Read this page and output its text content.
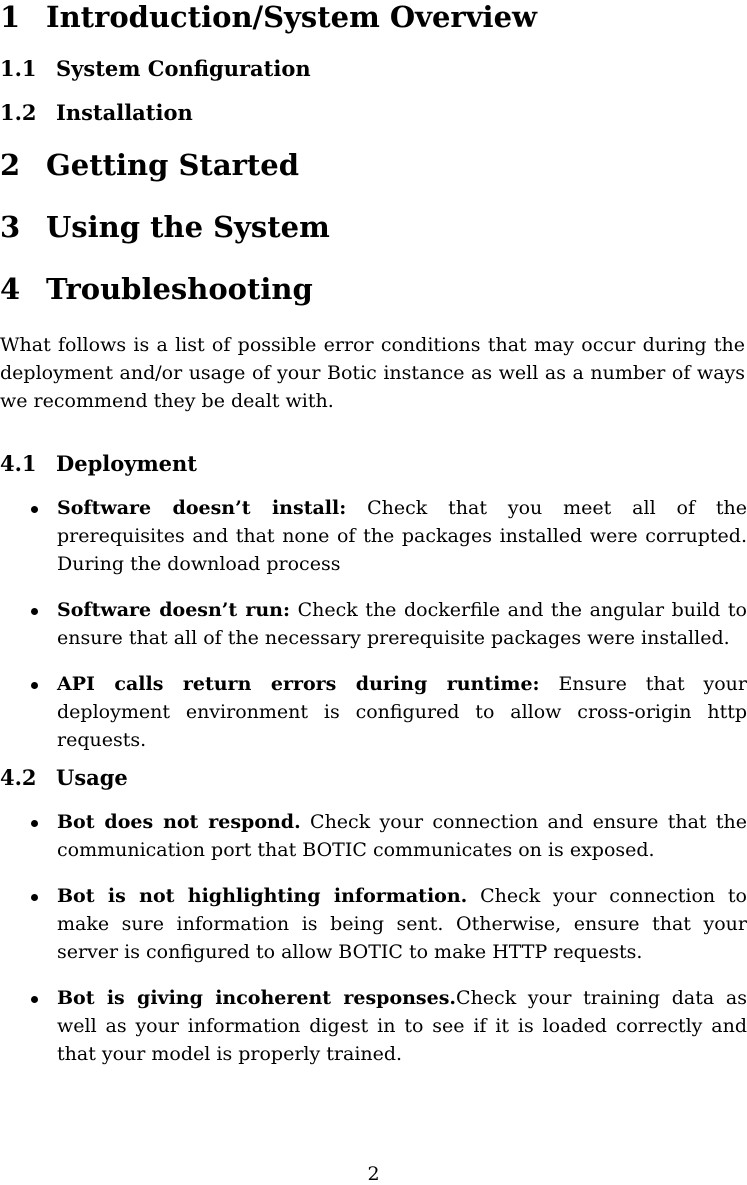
1 Introduction/System Overview
1.1 System Configuration
1.2 Installation
2 Getting Started
3 Using the System
4 Troubleshooting

What follows is a list of possible error conditions that may occur during the deployment and/or usage of your Botic instance as well as a number of ways we recommend they be dealt with.

4.1 Deployment
Software doesn’t install: Check that you meet all of the prerequisites and that none of the packages installed were corrupted. During the download process
Software doesn’t run: Check the dockerfile and the angular build to ensure that all of the necessary prerequisite packages were installed.
API calls return errors during runtime: Ensure that your deployment environment is configured to allow cross-origin http requests.
4.2 Usage
Bot does not respond. Check your connection and ensure that the communication port that BOTIC communicates on is exposed.
Bot is not highlighting information. Check your connection to make sure information is being sent. Otherwise, ensure that your server is configured to allow BOTIC to make HTTP requests.
Bot is giving incoherent responses.Check your training data as well as your information digest in to see if it is loaded correctly and that your model is properly trained.
2
